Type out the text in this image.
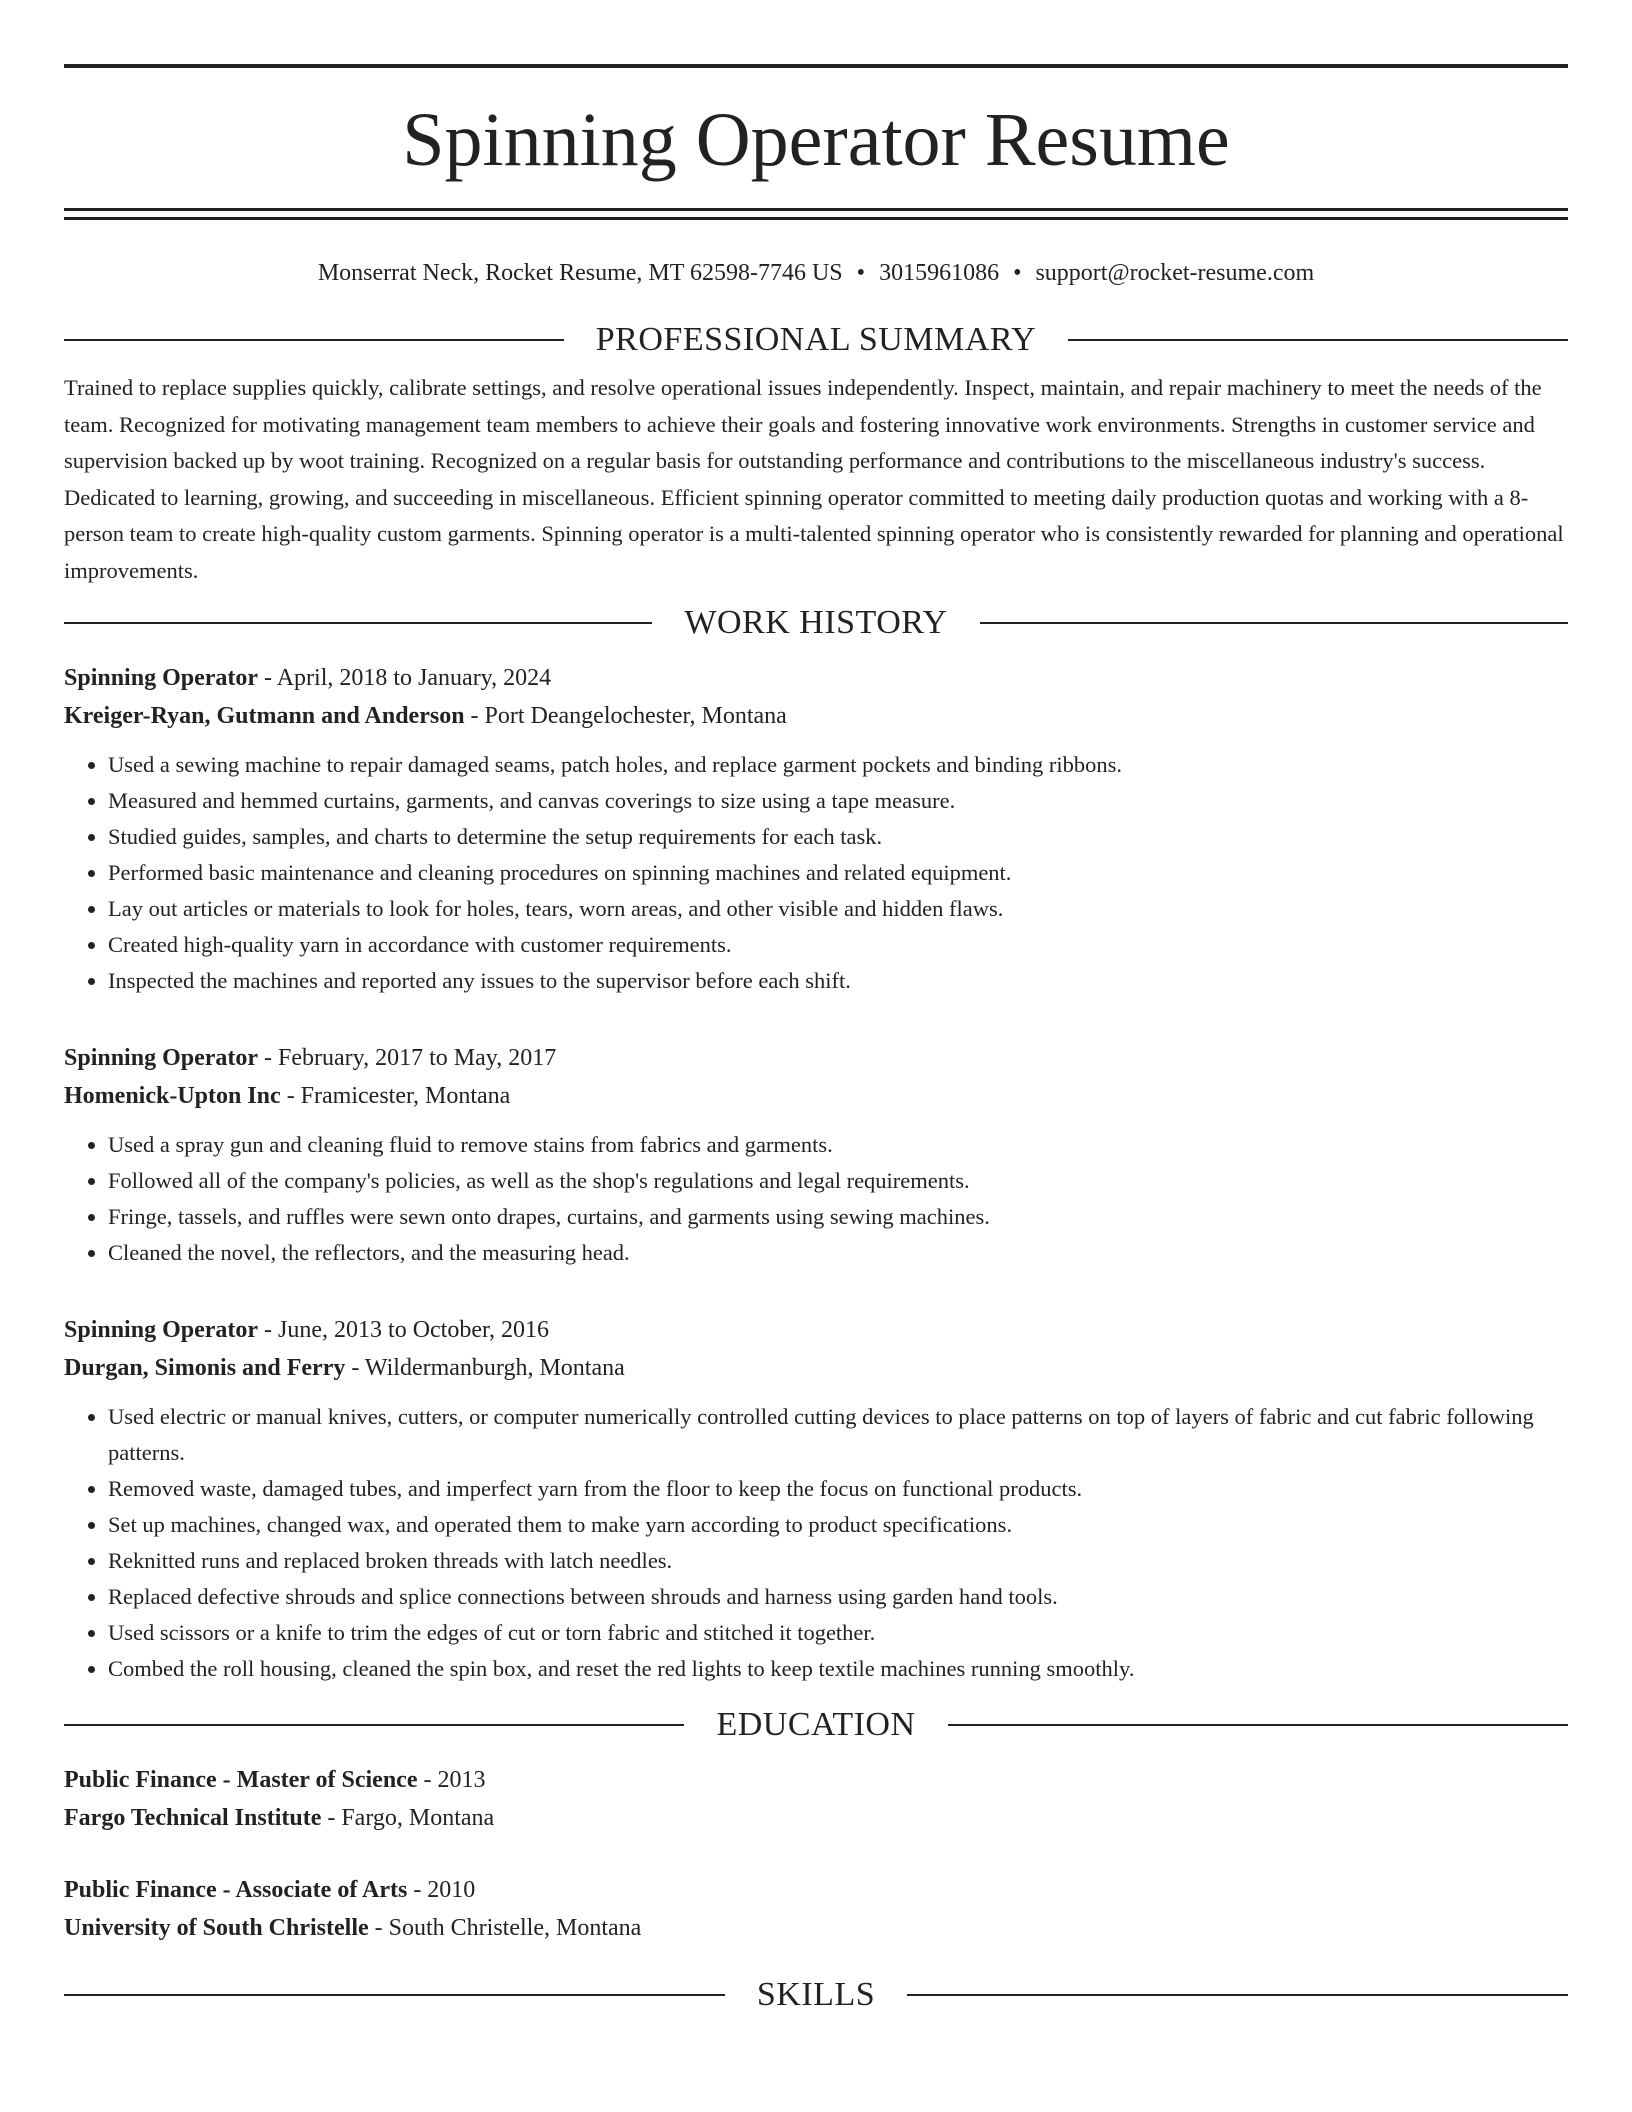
Spinning Operator Resume
Monserrat Neck, Rocket Resume, MT 62598-7746 US • 3015961086 • support@rocket-resume.com
PROFESSIONAL SUMMARY
Trained to replace supplies quickly, calibrate settings, and resolve operational issues independently. Inspect, maintain, and repair machinery to meet the needs of the team. Recognized for motivating management team members to achieve their goals and fostering innovative work environments. Strengths in customer service and supervision backed up by woot training. Recognized on a regular basis for outstanding performance and contributions to the miscellaneous industry's success. Dedicated to learning, growing, and succeeding in miscellaneous. Efficient spinning operator committed to meeting daily production quotas and working with a 8-person team to create high-quality custom garments. Spinning operator is a multi-talented spinning operator who is consistently rewarded for planning and operational improvements.
WORK HISTORY
Spinning Operator - April, 2018 to January, 2024
Kreiger-Ryan, Gutmann and Anderson - Port Deangelochester, Montana
• Used a sewing machine to repair damaged seams, patch holes, and replace garment pockets and binding ribbons.
• Measured and hemmed curtains, garments, and canvas coverings to size using a tape measure.
• Studied guides, samples, and charts to determine the setup requirements for each task.
• Performed basic maintenance and cleaning procedures on spinning machines and related equipment.
• Lay out articles or materials to look for holes, tears, worn areas, and other visible and hidden flaws.
• Created high-quality yarn in accordance with customer requirements.
• Inspected the machines and reported any issues to the supervisor before each shift.
Spinning Operator - February, 2017 to May, 2017
Homenick-Upton Inc - Framicester, Montana
• Used a spray gun and cleaning fluid to remove stains from fabrics and garments.
• Followed all of the company's policies, as well as the shop's regulations and legal requirements.
• Fringe, tassels, and ruffles were sewn onto drapes, curtains, and garments using sewing machines.
• Cleaned the novel, the reflectors, and the measuring head.
Spinning Operator - June, 2013 to October, 2016
Durgan, Simonis and Ferry - Wildermanburgh, Montana
• Used electric or manual knives, cutters, or computer numerically controlled cutting devices to place patterns on top of layers of fabric and cut fabric following patterns.
• Removed waste, damaged tubes, and imperfect yarn from the floor to keep the focus on functional products.
• Set up machines, changed wax, and operated them to make yarn according to product specifications.
• Reknitted runs and replaced broken threads with latch needles.
• Replaced defective shrouds and splice connections between shrouds and harness using garden hand tools.
• Used scissors or a knife to trim the edges of cut or torn fabric and stitched it together.
• Combed the roll housing, cleaned the spin box, and reset the red lights to keep textile machines running smoothly.
EDUCATION
Public Finance - Master of Science - 2013
Fargo Technical Institute - Fargo, Montana
Public Finance - Associate of Arts - 2010
University of South Christelle - South Christelle, Montana
SKILLS
